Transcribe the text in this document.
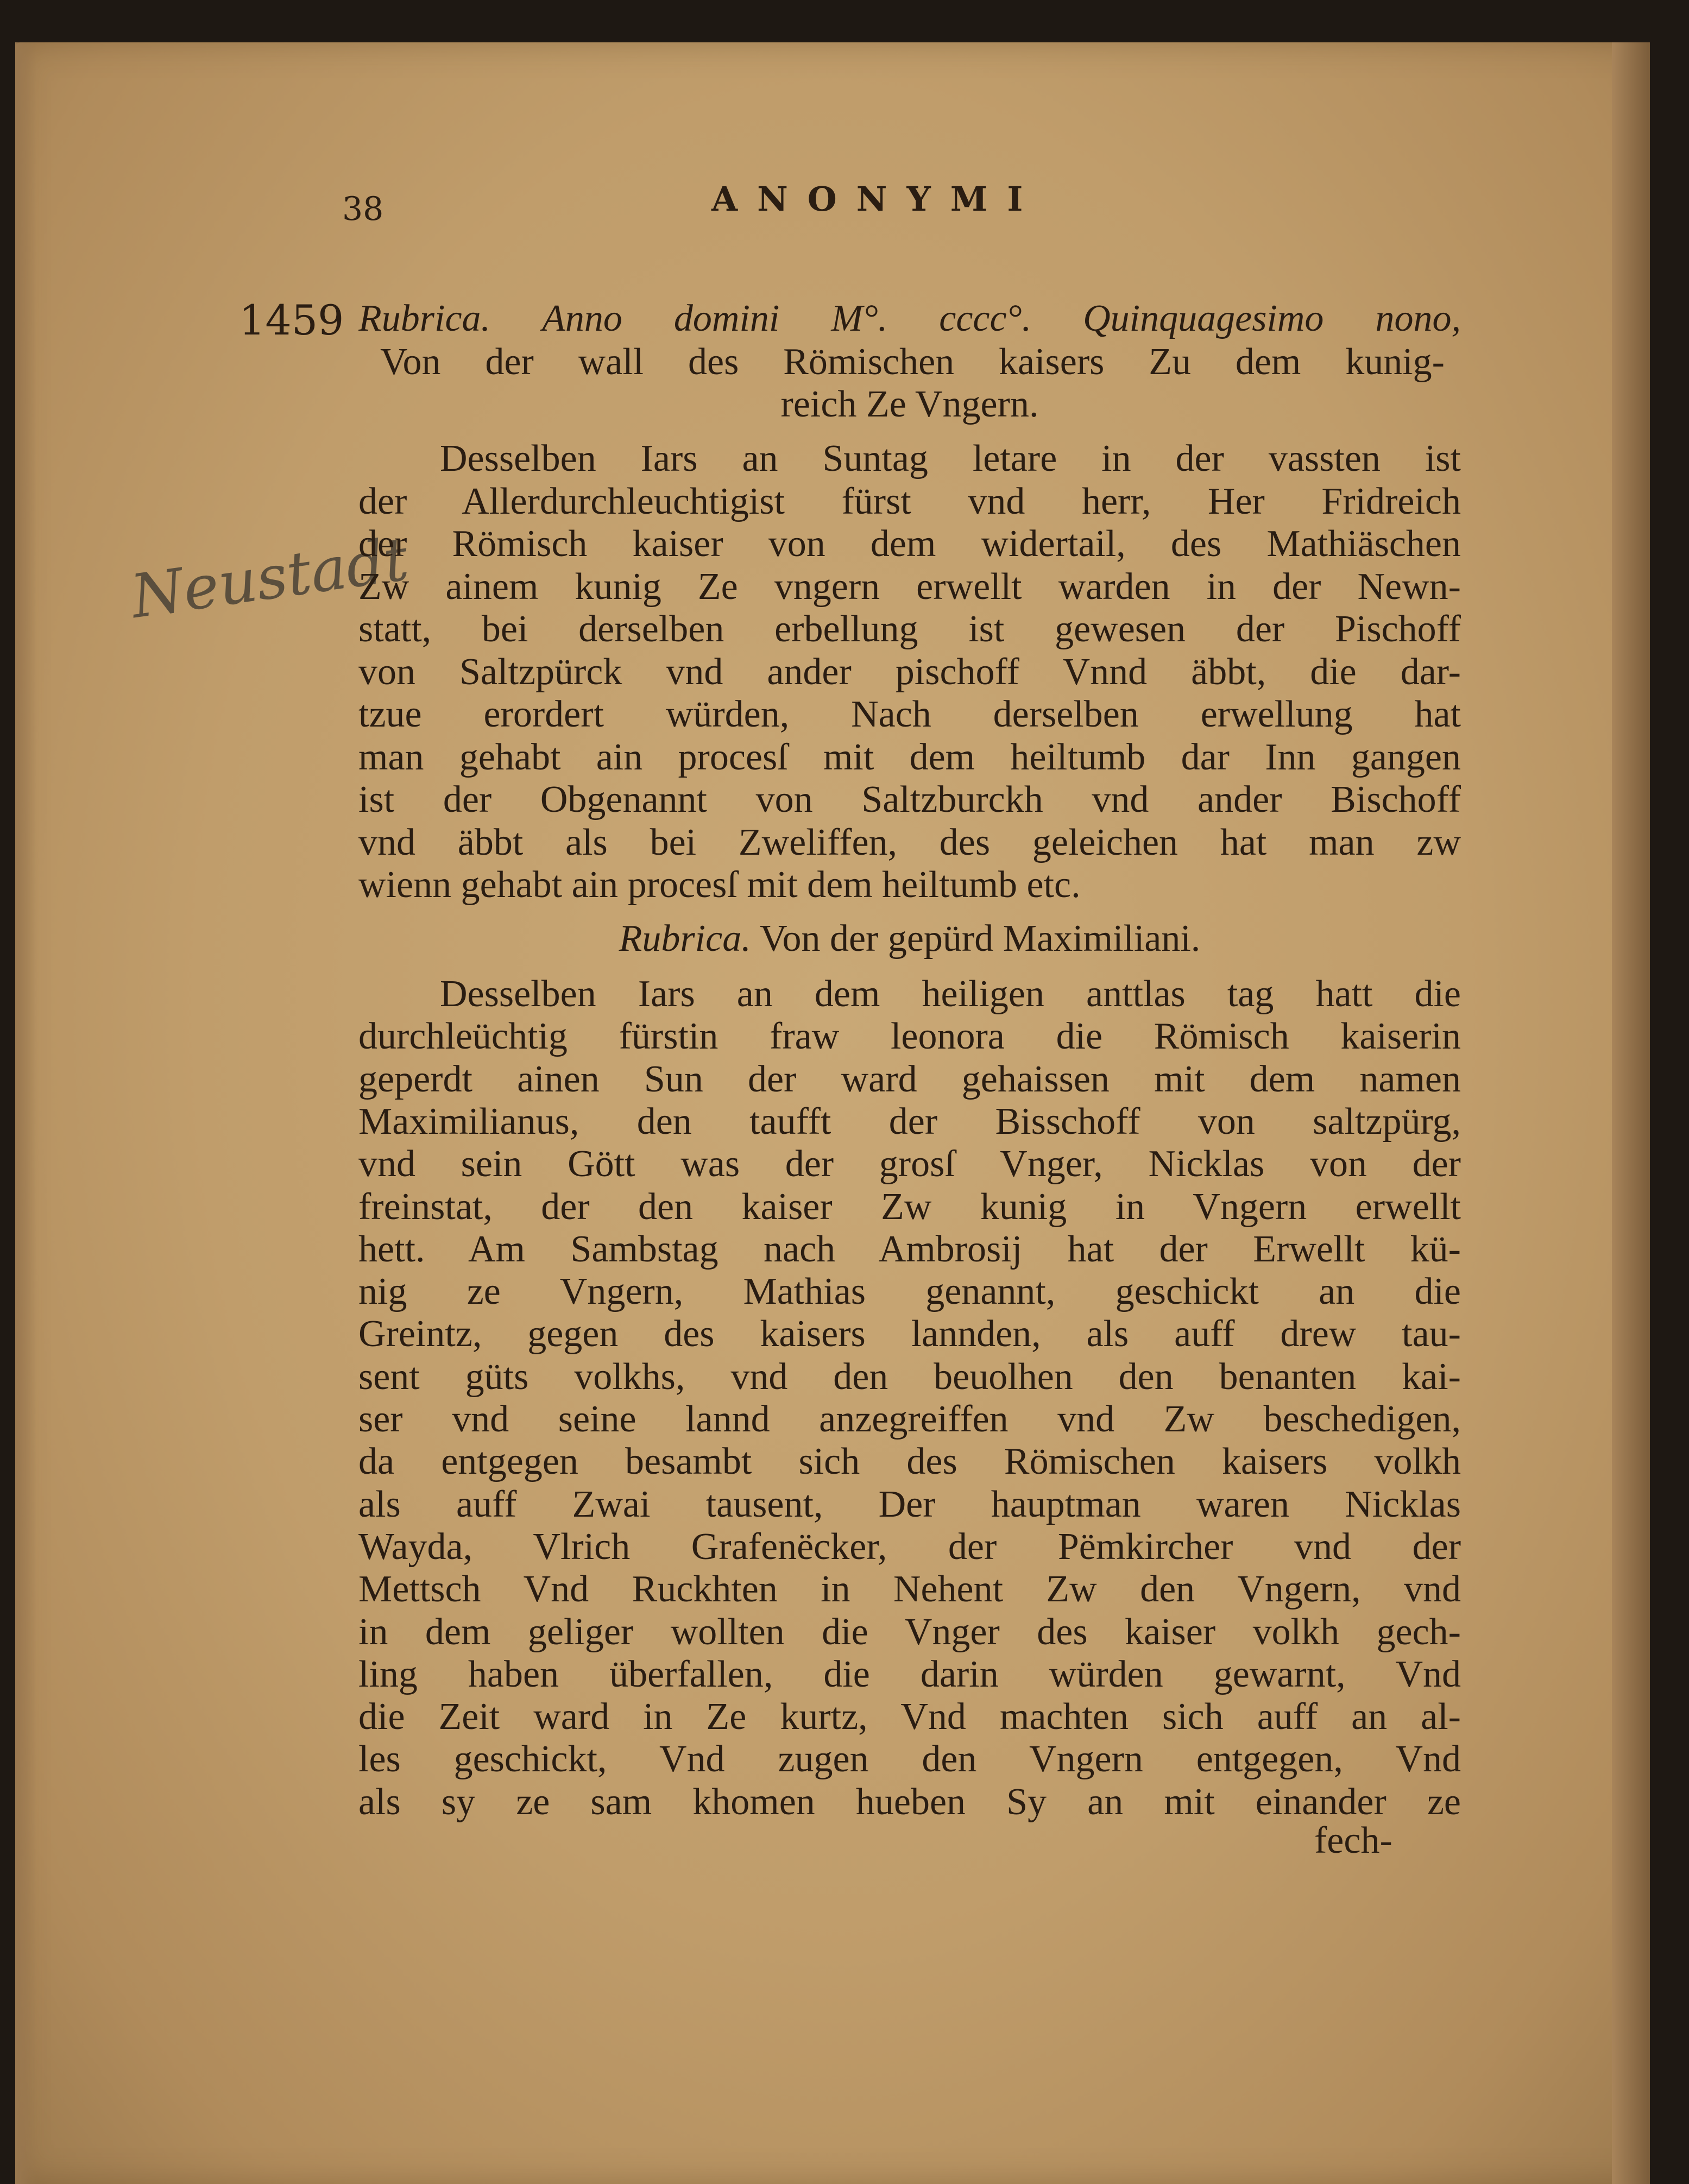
38	ANONYMI
1459
Neustadt
Rubrica. Anno domini M°. cccc°. Quinquagesimo nono,
Von der wall des Römischen kaisers Zu dem kunig-
reich Ze Vngern.
Desselben Iars an Suntag letare in der vassten ist
der Allerdurchleuchtigist fürst vnd herr, Her Fridreich
der Römisch kaiser von dem widertail, des Mathiäschen
Zw ainem kunig Ze vngern erwellt warden in der Newn-
statt, bei derselben erbellung ist gewesen der Pischoff
von Saltzpürck vnd ander pischoff Vnnd äbbt, die dar-
tzue erordert würden, Nach derselben erwellung hat
man gehabt ain procesſ mit dem heiltumb dar Inn gangen
ist der Obgenannt von Saltzburckh vnd ander Bischoff
vnd äbbt als bei Zweliffen, des geleichen hat man zw
wienn gehabt ain procesſ mit dem heiltumb etc.
Rubrica. Von der gepürd Maximiliani.
Desselben Iars an dem heiligen anttlas tag hatt die
durchleüchtig fürstin fraw leonora die Römisch kaiserin
geperdt ainen Sun der ward gehaissen mit dem namen
Maximilianus, den taufft der Bisschoff von saltzpürg,
vnd sein Gött was der grosſ Vnger, Nicklas von der
freinstat, der den kaiser Zw kunig in Vngern erwellt
hett. Am Sambstag nach Ambrosij hat der Erwellt kü-
nig ze Vngern, Mathias genannt, geschickt an die
Greintz, gegen des kaisers lannden, als auff drew tau-
sent güts volkhs, vnd den beuolhen den benanten kai-
ser vnd seine lannd anzegreiffen vnd Zw beschedigen,
da entgegen besambt sich des Römischen kaisers volkh
als auff Zwai tausent, Der hauptman waren Nicklas
Wayda, Vlrich Grafenëcker, der Pëmkircher vnd der
Mettsch Vnd Ruckhten in Nehent Zw den Vngern, vnd
in dem geliger wollten die Vnger des kaiser volkh gech-
ling haben überfallen, die darin würden gewarnt, Vnd
die Zeit ward in Ze kurtz, Vnd machten sich auff an al-
les geschickt, Vnd zugen den Vngern entgegen, Vnd
als sy ze sam khomen hueben Sy an mit einander ze
fech-
